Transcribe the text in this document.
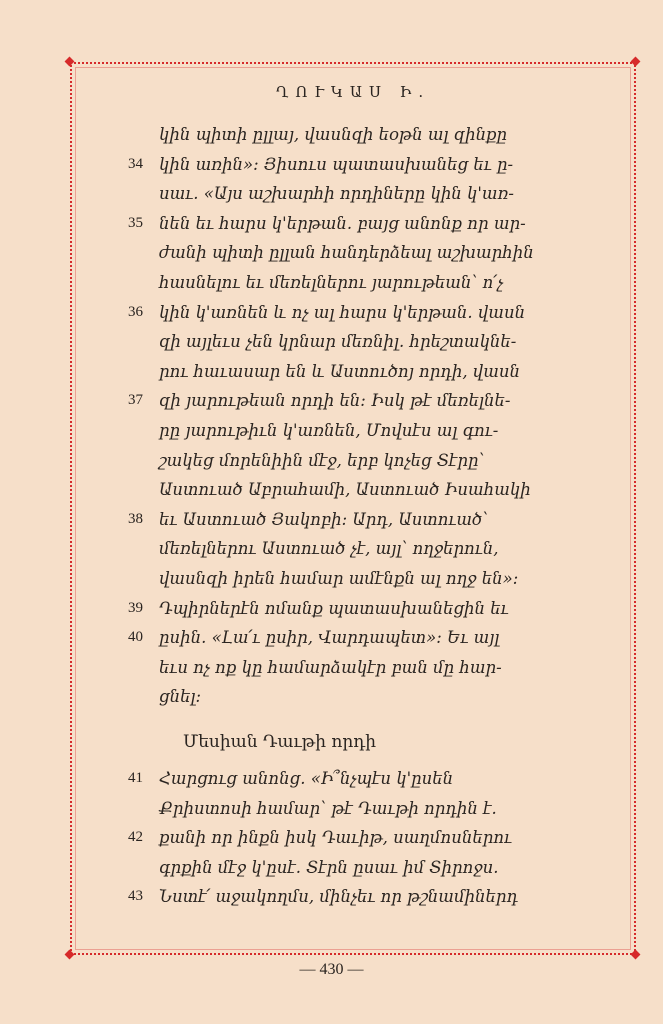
ՂՈՒԿԱՍ Ի.
կին պիտի ըլլայ, վասնզի եօթն ալ զինքը
34 կին առին»: Յիսուս պատասխանեց եւ ը-
սաւ. «Այս աշխարհի որդիները կին կ'առ-
35 նեն եւ հարս կ'երթան. բայց անոնք որ ար-
ժանի պիտի ըլլան հանդերձեալ աշխարհին
հասնելու եւ մեռելներու յարութեան՝ ո՛չ
36 կին կ'առնեն և ոչ ալ հարս կ'երթան. վասն
զի այլեւս չեն կրնար մեռնիլ. հրեշտակնե-
րու հաւասար են և Աստուծոյ որդի, վասն
37 զի յարութեան որդի են: Իսկ թէ մեռելնե-
րը յարութիւն կ'առնեն, Մովսէս ալ գու-
շակեց մորենիին մէջ, երբ կոչեց Տէրը՝
Աստուած Աբրահամի, Աստուած Իսահակի
38 եւ Աստուած Յակոբի: Արդ, Աստուած՝
մեռելներու Աստուած չէ, այլ՝ ողջերուն,
վասնզի իրեն համար ամէնքն ալ ողջ են»:
39 Դպիրներէն ոմանք պատասխանեցին եւ
40 ըսին. «Լա՛ւ ըսիր, Վարդապետ»: Եւ այլ
եւս ոչ ոք կը համարձակէր բան մը հար-
ցնել:
Մեսիան Դաւթի որդի
41 Հարցուց անոնց. «Ի՞նչպէս կ'ըսեն
Քրիստոսի համար՝ թէ Դաւթի որդին է.
42 քանի որ ինքն իսկ Դաւիթ, սաղմոսներու
գրքին մէջ կ'ըսէ. Տէրն ըսաւ իմ Տիրոջս.
43 Նստէ՛ աջակողմս, մինչեւ որ թշնամիներդ
— 430 —
